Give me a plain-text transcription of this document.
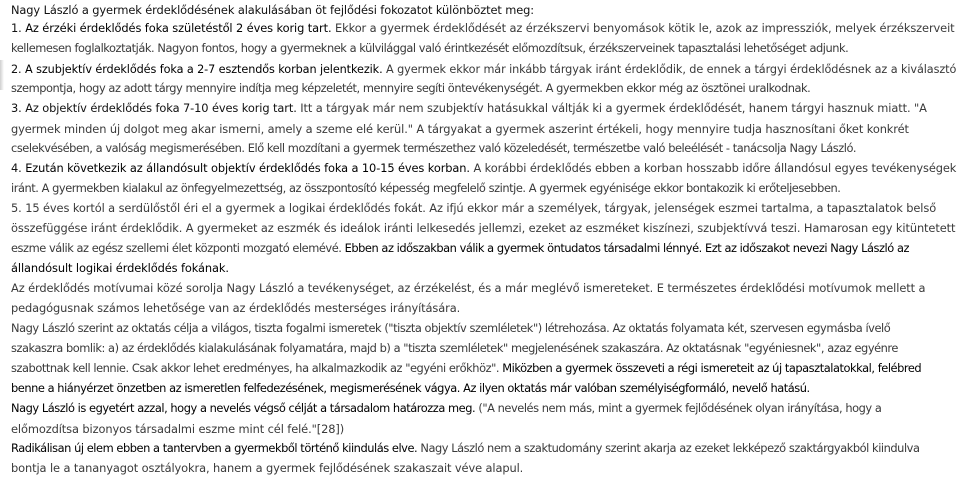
Nagy László a gyermek érdeklődésének alakulásában öt fejlődési fokozatot különböztet meg:
1. Az érzéki érdeklődés foka születéstől 2 éves korig tart. Ekkor a gyermek érdeklődését az érzékszervi benyomások kötik le, azok az impressziók, melyek érzékszerveit
kellemesen foglalkoztatják. Nagyon fontos, hogy a gyermeknek a külvilággal való érintkezését előmozdítsuk, érzékszerveinek tapasztalási lehetőséget adjunk.
2. A szubjektív érdeklődés foka a 2-7 esztendős korban jelentkezik. A gyermek ekkor már inkább tárgyak iránt érdeklődik, de ennek a tárgyi érdeklődésnek az a kiválasztó
szempontja, hogy az adott tárgy mennyire indítja meg képzeletét, mennyire segíti öntevékenységét. A gyermekben ekkor még az ösztönei uralkodnak.
3. Az objektív érdeklődés foka 7-10 éves korig tart. Itt a tárgyak már nem szubjektív hatásukkal váltják ki a gyermek érdeklődését, hanem tárgyi hasznuk miatt. "A
gyermek minden új dolgot meg akar ismerni, amely a szeme elé kerül." A tárgyakat a gyermek aszerint értékeli, hogy mennyire tudja hasznosítani őket konkrét
cselekvésében, a valóság megismerésében. Elő kell mozdítani a gyermek természethez való közeledését, természetbe való beleélését - tanácsolja Nagy László.
4. Ezután következik az állandósult objektív érdeklődés foka a 10-15 éves korban. A korábbi érdeklődés ebben a korban hosszabb időre állandósul egyes tevékenységek
iránt. A gyermekben kialakul az önfegyelmezettség, az összpontosító képesség megfelelő szintje. A gyermek egyénisége ekkor bontakozik ki erőteljesebben.
5. 15 éves kortól a serdülőstől éri el a gyermek a logikai érdeklődés fokát. Az ifjú ekkor már a személyek, tárgyak, jelenségek eszmei tartalma, a tapasztalatok belső
összefüggése iránt érdeklődik. A gyermeket az eszmék és ideálok iránti lelkesedés jellemzi, ezeket az eszméket kiszínezi, szubjektívvá teszi. Hamarosan egy kitüntetett
eszme válik az egész szellemi élet központi mozgató elemévé. Ebben az időszakban válik a gyermek öntudatos társadalmi lénnyé. Ezt az időszakot nevezi Nagy László az
állandósult logikai érdeklődés fokának.
Az érdeklődés motívumai közé sorolja Nagy László a tevékenységet, az érzékelést, és a már meglévő ismereteket. E természetes érdeklődési motívumok mellett a
pedagógusnak számos lehetősége van az érdeklődés mesterséges irányítására.
Nagy László szerint az oktatás célja a világos, tiszta fogalmi ismeretek ("tiszta objektív szemléletek") létrehozása. Az oktatás folyamata két, szervesen egymásba ívelő
szakaszra bomlik: a) az érdeklődés kialakulásának folyamatára, majd b) a "tiszta szemléletek" megjelenésének szakaszára. Az oktatásnak "egyéniesnek", azaz egyénre
szabottnak kell lennie. Csak akkor lehet eredményes, ha alkalmazkodik az "egyéni erőkhöz". Miközben a gyermek összeveti a régi ismereteit az új tapasztalatokkal, felébred
benne a hiányérzet önzetben az ismeretlen felfedezésének, megismerésének vágya. Az ilyen oktatás már valóban személyiségformáló, nevelő hatású.
Nagy László is egyetért azzal, hogy a nevelés végső célját a társadalom határozza meg. ("A nevelés nem más, mint a gyermek fejlődésének olyan irányítása, hogy a
előmozdítsa bizonyos társadalmi eszme mint cél felé."[28])
Radikálisan új elem ebben a tantervben a gyermekből történő kiindulás elve. Nagy László nem a szaktudomány szerint akarja az ezeket lekképező szaktárgyakból kiindulva
bontja le a tananyagot osztályokra, hanem a gyermek fejlődésének szakaszait véve alapul.
